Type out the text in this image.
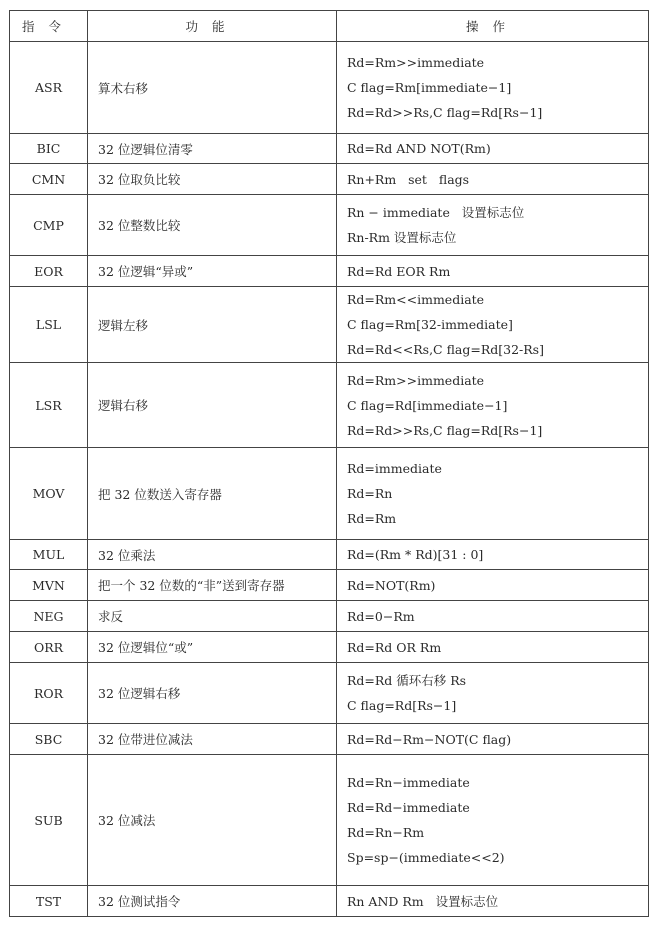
指令	功能	操作
ASR	算术右移	Rd=Rm>>immediate
C flag=Rm[immediate−1]
Rd=Rd>>Rs,C flag=Rd[Rs−1]

BIC	32 位逻辑位清零	Rd=Rd AND NOT(Rm)

CMN	32 位取负比较	Rn+Rm   set   flags

CMP	32 位整数比较	Rn − immediate   设置标志位
Rn-Rm 设置标志位

EOR	32 位逻辑“异或”	Rd=Rd EOR Rm

LSL	逻辑左移	Rd=Rm<<immediate
C flag=Rm[32-immediate]
Rd=Rd<<Rs,C flag=Rd[32-Rs]

LSR	逻辑右移	Rd=Rm>>immediate
C flag=Rd[immediate−1]
Rd=Rd>>Rs,C flag=Rd[Rs−1]

MOV	把 32 位数送入寄存器	Rd=immediate
Rd=Rn
Rd=Rm

MUL	32 位乘法	Rd=(Rm * Rd)[31 : 0]

MVN	把一个 32 位数的“非”送到寄存器	Rd=NOT(Rm)

NEG	求反	Rd=0−Rm

ORR	32 位逻辑位“或”	Rd=Rd OR Rm

ROR	32 位逻辑右移	Rd=Rd 循环右移 Rs
C flag=Rd[Rs−1]

SBC	32 位带进位减法	Rd=Rd−Rm−NOT(C flag)

SUB	32 位减法	Rd=Rn−immediate
Rd=Rd−immediate
Rd=Rn−Rm
Sp=sp−(immediate<<2)

TST	32 位测试指令	Rn AND Rm   设置标志位
